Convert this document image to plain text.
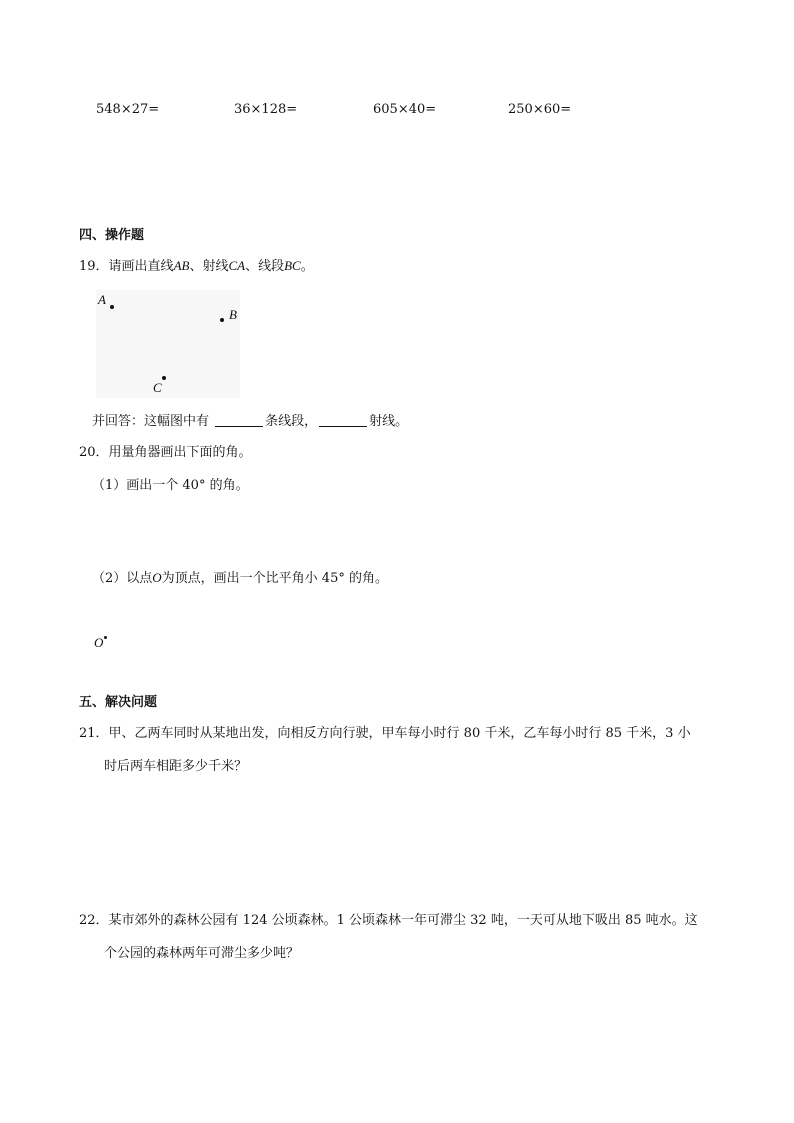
548×27=	36×128=	605×40=	250×60=
四、操作题
19．请画出直线AB、射线CA、线段BC。
A
B
C
并回答：这幅图中有	条线段，	射线。
20．用量角器画出下面的角。
（1）画出一个 40° 的角。
（2）以点O为顶点，画出一个比平角小 45° 的角。
O
五、解决问题
21．甲、乙两车同时从某地出发，向相反方向行驶，甲车每小时行 80 千米，乙车每小时行 85 千米，3 小
时后两车相距多少千米？
22．某市郊外的森林公园有 124 公顷森林。1 公顷森林一年可滞尘 32 吨，一天可从地下吸出 85 吨水。这
个公园的森林两年可滞尘多少吨？
